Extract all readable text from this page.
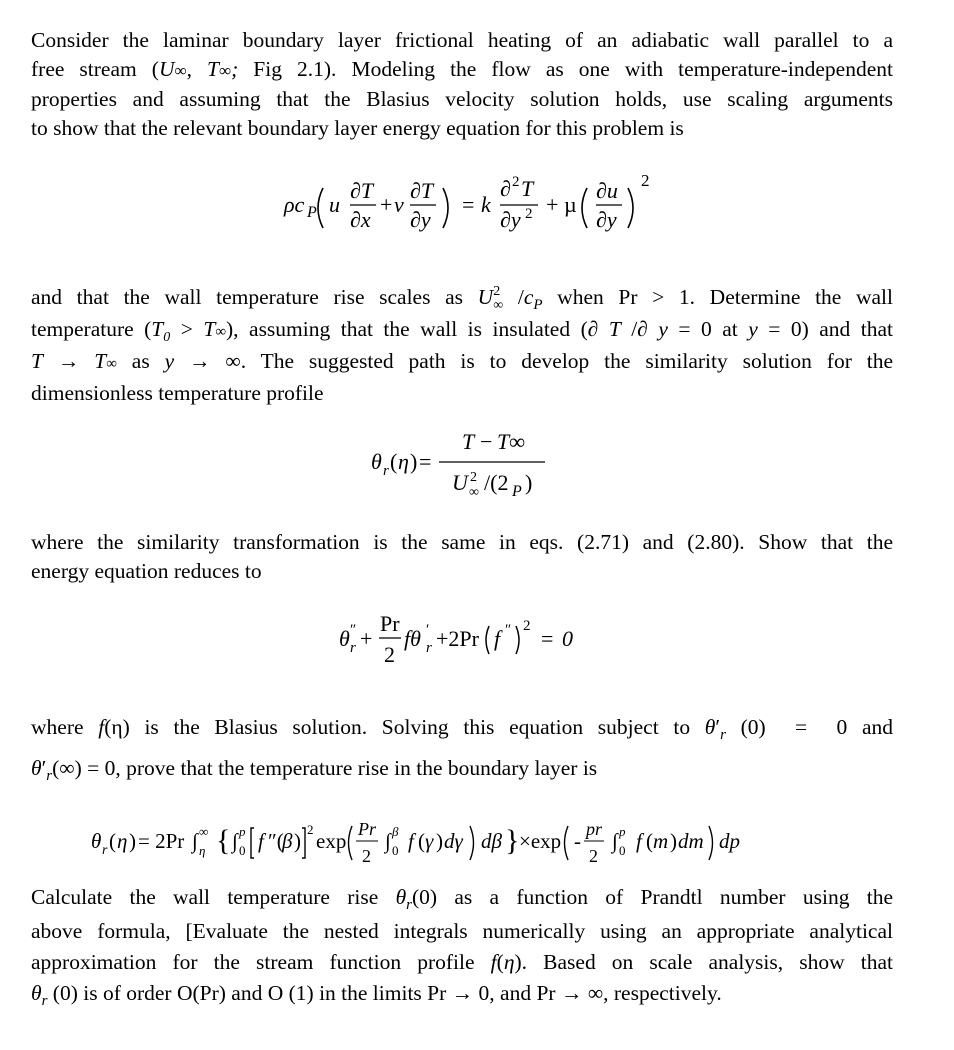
Consider the laminar boundary layer frictional heating of an adiabatic wall parallel to a
free stream (U∞, T∞; Fig 2.1). Modeling the flow as one with temperature-independent
properties and assuming that the Blasius velocity solution holds, use scaling arguments
to show that the relevant boundary layer energy equation for this problem is
ρc P u
∂T
∂x
+ v
∂T
∂y
= k
∂ 2 T
∂y 2 + µ
∂u
∂y
2
and that the wall temperature rise scales as $U^2_\infty$ $/c_P$ when Pr > 1. Determine the wall
temperature $(T_0 > T\infty)$, assuming that the wall is insulated (∂ T /∂ y = 0 at y = 0) and that
T → T∞ as y → ∞. The suggested path is to develop the similarity solution for the
dimensionless temperature profile
θ r ( η ) =
T − T∞
U 2
∞ /(2 P )
where the similarity transformation is the same in eqs. (2.71) and (2.80). Show that the
energy equation reduces to
θ ″
r +
Pr
2
fθ ′
r +2Pr f ″ 2 = 0
where f(η) is the Blasius solution. Solving this equation subject to $\theta'_r$ (0)  =  0 and
$\theta'_r(\infty) = 0$, prove that the temperature rise in the boundary layer is
θ r ( η ) = 2Pr ∫ ∞
η { ∫ p
0 f ″(
β ) 2 exp Pr
2
∫ β
0 f ( γ ) dγ dβ } ×exp - pr
2
∫ p
0 f ( m ) dm dp
Calculate the wall temperature rise $\theta_r(0)$ as a function of Prandtl number using the
above formula, [Evaluate the nested integrals numerically using an appropriate analytical
approximation for the stream function profile f(η). Based on scale analysis, show that
$\theta_r$ (0) is of order O(Pr) and O (1) in the limits Pr → 0, and Pr → ∞, respectively.
